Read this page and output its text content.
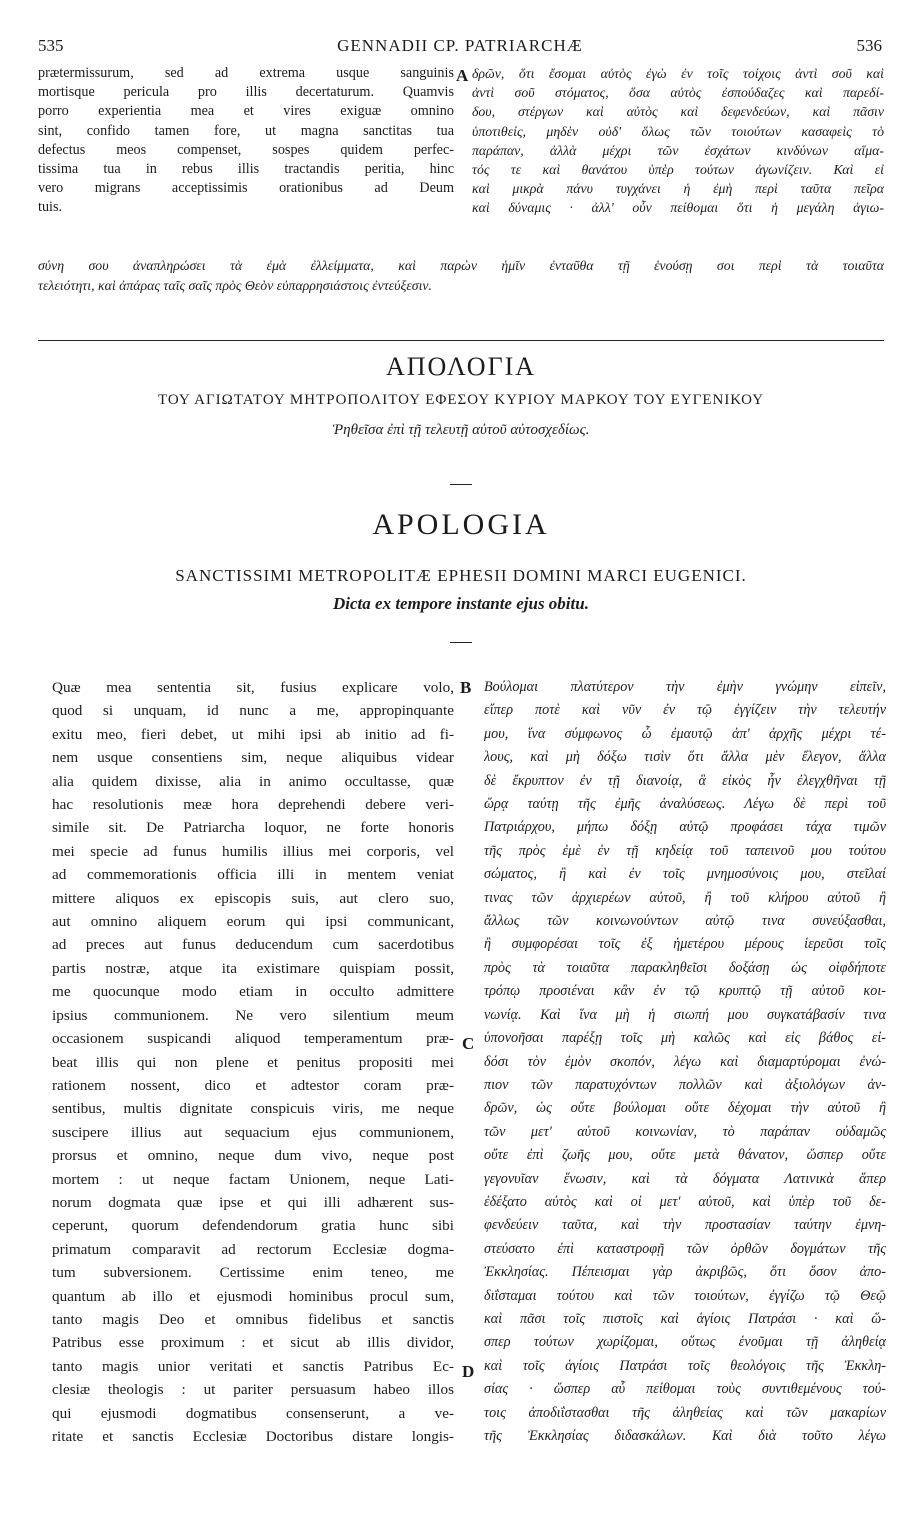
535	GENNADII CP. PATRIARCHÆ	536
prætermissurum, sed ad extrema usque sanguinis
mortisque pericula pro illis decertaturum. Quamvis
porro experientia mea et vires exiguæ omnino
sint, confido tamen fore, ut magna sanctitas tua
defectus meos compenset, sospes quidem perfec-
tissima tua in rebus illis tractandis peritia, hinc
vero migrans acceptissimis orationibus ad Deum
tuis.
δρῶν, ὅτι ἔσομαι αὐτὸς ἐγὼ ἐν τοῖς τοίχοις ἀντὶ σοῦ καὶ
ἀντὶ σοῦ στόματος, ὅσα αὐτὸς ἐσπούδαζες καὶ παρεδί-
δου, στέργων καὶ αὐτὸς καὶ δεφενδεύων, καὶ πᾶσιν
ὑποτιθείς, μηδὲν οὐδ' ὅλως τῶν τοιούτων κασαφεὶς τὸ
παράπαν, ἀλλὰ μέχρι τῶν ἐσχάτων κινδύνων αἵμα-
τός τε καὶ θανάτου ὑπὲρ τούτων ἀγωνίζειν. Καὶ εἰ
καὶ μικρὰ πάνυ τυγχάνει ἡ ἐμὴ περὶ ταῦτα πεῖρα
καὶ δύναμις · ἀλλ' οὖν πείθομαι ὅτι ἡ μεγάλη ἁγιω-
σύνη σου ἀναπληρώσει τὰ ἐμὰ ἐλλείμματα, καὶ παρὼν ἡμῖν ἐνταῦθα τῇ ἑνούσῃ σοι περὶ τὰ τοιαῦτα
τελειότητι, καὶ ἀπάρας ταῖς σαῖς πρὸς Θεὸν εὐπαρρησιάστοις ἐντεύξεσιν.
A
ΑΠΟΛΟΓΙΑ
ΤΟΥ ΑΓΙΩΤΑΤΟΥ ΜΗΤΡΟΠΟΛΙΤΟΥ ΕΦΕΣΟΥ ΚΥΡΙΟΥ ΜΑΡΚΟΥ ΤΟΥ ΕΥΓΕΝΙΚΟΥ
Ῥηθεῖσα ἐπὶ τῇ τελευτῇ αὐτοῦ αὐτοσχεδίως.
APOLOGIA
SANCTISSIMI METROPOLITÆ EPHESII DOMINI MARCI EUGENICI.
Dicta ex tempore instante ejus obitu.
Quæ mea sententia sit, fusius explicare volo,
quod si unquam, id nunc a me, appropinquante
exitu meo, fieri debet, ut mihi ipsi ab initio ad fi-
nem usque consentiens sim, neque aliquibus videar
alia quidem dixisse, alia in animo occultasse, quæ
hac resolutionis meæ hora deprehendi debere veri-
simile sit. De Patriarcha loquor, ne forte honoris
mei specie ad funus humilis illius mei corporis, vel
ad commemorationis officia illi in mentem veniat
mittere aliquos ex episcopis suis, aut clero suo,
aut omnino aliquem eorum qui ipsi communicant,
ad preces aut funus deducendum cum sacerdotibus
partis nostræ, atque ita existimare quispiam possit,
me quocunque modo etiam in occulto admittere
ipsius communionem. Ne vero silentium meum
occasionem suspicandi aliquod temperamentum præ-
beat illis qui non plene et penitus propositi mei
rationem nossent, dico et adtestor coram præ-
sentibus, multis dignitate conspicuis viris, me neque
suscipere illius aut sequacium ejus communionem,
prorsus et omnino, neque dum vivo, neque post
mortem : ut neque factam Unionem, neque Lati-
norum dogmata quæ ipse et qui illi adhærent sus-
ceperunt, quorum defendendorum gratia hunc sibi
primatum comparavit ad rectorum Ecclesiæ dogma-
tum subversionem. Certissime enim teneo, me
quantum ab illo et ejusmodi hominibus procul sum,
tanto magis Deo et omnibus fidelibus et sanctis
Patribus esse proximum : et sicut ab illis dividor,
tanto magis unior veritati et sanctis Patribus Ec-
clesiæ theologis : ut pariter persuasum habeo illos
qui ejusmodi dogmatibus consenserunt, a ve-
ritate et sanctis Ecclesiæ Doctoribus distare longis-
Βούλομαι πλατύτερον τὴν ἐμὴν γνώμην εἰπεῖν,
εἴπερ ποτὲ καὶ νῦν ἐν τῷ ἐγγίζειν τὴν τελευτήν
μου, ἵνα σύμφωνος ὦ ἐμαυτῷ ἀπ' ἀρχῆς μέχρι τέ-
λους, καὶ μὴ δόξω τισὶν ὅτι ἄλλα μὲν ἔλεγον, ἄλλα
δὲ ἔκρυπτον ἐν τῇ διανοίᾳ, ἃ εἰκὸς ἦν ἐλεγχθῆναι τῇ
ὥρᾳ ταύτῃ τῆς ἐμῆς ἀναλύσεως. Λέγω δὲ περὶ τοῦ
Πατριάρχου, μήπω δόξῃ αὐτῷ προφάσει τάχα τιμῶν
τῆς πρὸς ἐμὲ ἐν τῇ κηδείᾳ τοῦ ταπεινοῦ μου τούτου
σώματος, ἢ καὶ ἐν τοῖς μνημοσύνοις μου, στεῖλαί
τινας τῶν ἀρχιερέων αὐτοῦ, ἢ τοῦ κλήρου αὐτοῦ ἢ
ἄλλως τῶν κοινωνούντων αὐτῷ τινα συνεύξασθαι,
ἢ συμφορέσαι τοῖς ἐξ ἡμετέρου μέρους ἱερεῦσι τοῖς
πρὸς τὰ τοιαῦτα παρακληθεῖσι δοξάσῃ ὡς οἱφδήποτε
τρόπῳ προσιέναι κἂν ἐν τῷ κρυπτῷ τῇ αὐτοῦ κοι-
νωνίᾳ. Καὶ ἵνα μὴ ἡ σιωπή μου συγκατάβασίν τινα
ὑπονοῆσαι παρέξῃ τοῖς μὴ καλῶς καὶ εἰς βάθος εἰ-
δόσι τὸν ἐμὸν σκοπόν, λέγω καὶ διαμαρτύρομαι ἐνώ-
πιον τῶν παρατυχόντων πολλῶν καὶ ἀξιολόγων ἀν-
δρῶν, ὡς οὔτε βούλομαι οὔτε δέχομαι τὴν αὐτοῦ ἢ
τῶν μετ' αὐτοῦ κοινωνίαν, τὸ παράπαν οὐδαμῶς
οὔτε ἐπὶ ζωῆς μου, οὔτε μετὰ θάνατον, ὥσπερ οὔτε
γεγονυῖαν ἕνωσιν, καὶ τὰ δόγματα Λατινικὰ ἅπερ
ἐδέξατο αὐτὸς καὶ οἱ μετ' αὐτοῦ, καὶ ὑπὲρ τοῦ δε-
φενδεύειν ταῦτα, καὶ τὴν προστασίαν ταύτην ἐμνη-
στεύσατο ἐπὶ καταστροφῇ τῶν ὀρθῶν δογμάτων τῆς
Ἐκκλησίας. Πέπεισμαι γὰρ ἀκριβῶς, ὅτι ὅσον ἀπο-
διΐσταμαι τούτου καὶ τῶν τοιούτων, ἐγγίζω τῷ Θεῷ
καὶ πᾶσι τοῖς πιστοῖς καὶ ἁγίοις Πατράσι · καὶ ὥ-
σπερ τούτων χωρίζομαι, οὕτως ἑνοῦμαι τῇ ἀληθείᾳ
καὶ τοῖς ἁγίοις Πατράσι τοῖς θεολόγοις τῆς Ἐκκλη-
σίας · ὥσπερ αὖ πείθομαι τοὺς συντιθεμένους τού-
τοις ἀποδιΐστασθαι τῆς ἀληθείας καὶ τῶν μακαρίων
τῆς Ἐκκλησίας διδασκάλων. Καὶ διὰ τοῦτο λέγω
B
C
D
